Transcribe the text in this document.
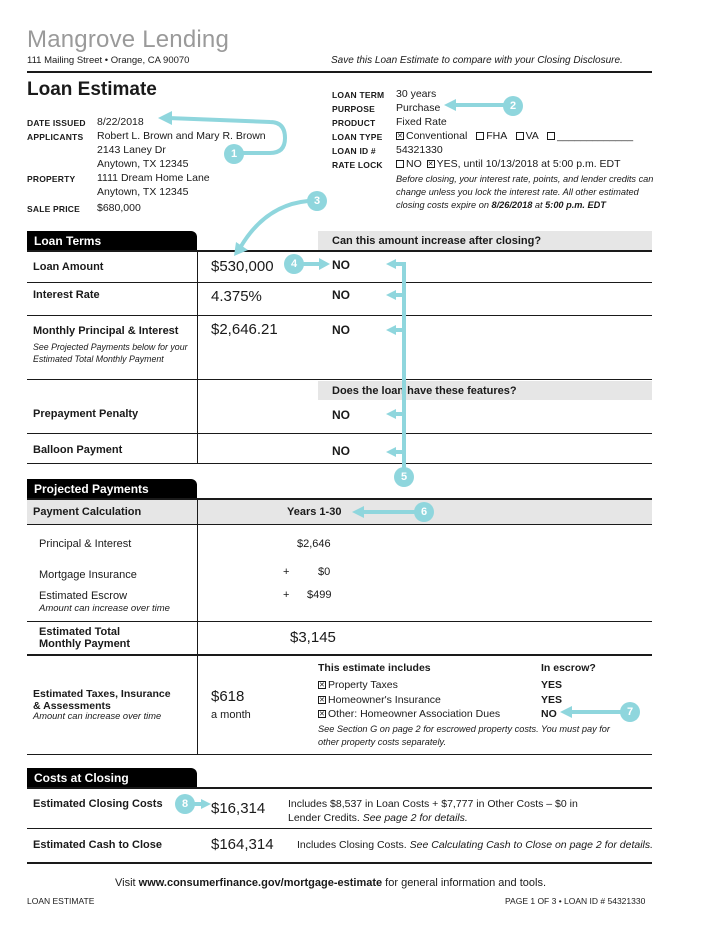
Mangrove Lending
111 Mailing Street • Orange, CA 90070	Save this Loan Estimate to compare with your Closing Disclosure.
Loan Estimate
DATE ISSUED 8/22/2018
APPLICANTS Robert L. Brown and Mary R. Brown
2143 Laney Dr
Anytown, TX 12345
PROPERTY 1111 Dream Home Lane
Anytown, TX 12345
SALE PRICE $680,000
LOAN TERM 30 years
PURPOSE Purchase
PRODUCT Fixed Rate
LOAN TYPE ✕	Conventional FHA VA _____________
LOAN ID # 54321330
RATE LOCK	NO ✕ YES, until 10/13/2018 at 5:00 p.m. EDT
Before closing, your interest rate, points, and lender credits can
change unless you lock the interest rate. All other estimated
closing costs expire on 8/26/2018 at 5:00 p.m. EDT
Loan Terms	Can this amount increase after closing?
Loan Amount	$530,000	NO
Interest Rate	4.375%	NO
Monthly Principal & Interest
See Projected Payments below for your
Estimated Total Monthly Payment
$2,646.21	NO
Does the loan have these features?
Prepayment Penalty	NO
Balloon Payment	NO
Projected Payments
Payment Calculation	Years 1-30
Principal & Interest	$2,646
Mortgage Insurance	+	$0
Estimated Escrow
Amount can increase over time
+ $499
Estimated Total
Monthly Payment	$3,145
Estimated Taxes, Insurance
& Assessments
Amount can increase over time
$618
a month
This estimate includes	In escrow?
✕Property Taxes	YES
✕Homeowner's Insurance	YES
✕Other: Homeowner Association Dues	NO
See Section G on page 2 for escrowed property costs. You must pay for
other property costs separately.
Costs at Closing
Estimated Closing Costs	$16,314 Includes $8,537 in Loan Costs + $7,777 in Other Costs – $0 in
Lender Credits. See page 2 for details.
Estimated Cash to Close	$164,314 Includes Closing Costs. See Calculating Cash to Close on page 2 for details.
Visit www.consumerfinance.gov/mortgage-estimate for general information and tools.
LOAN ESTIMATE	PAGE 1 OF 3 • LOAN ID # 54321330
1
2
3
4
5
6
7
8
